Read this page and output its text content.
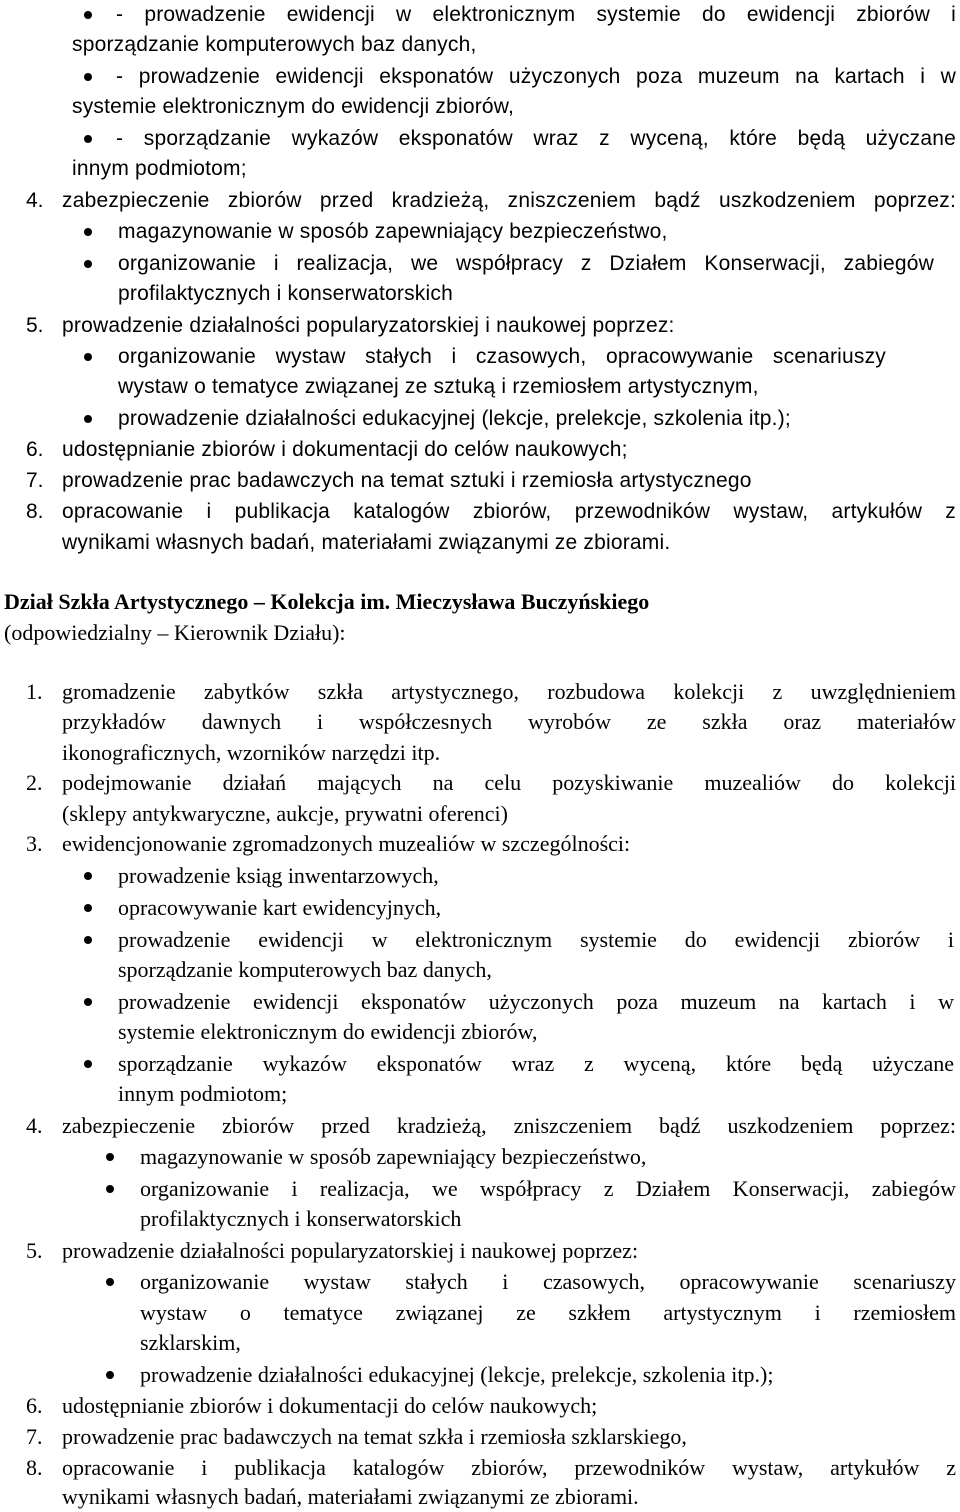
- prowadzenie ewidencji w elektronicznym systemie do ewidencji zbiorów i
sporządzanie komputerowych baz danych,
- prowadzenie ewidencji eksponatów użyczonych poza muzeum na kartach i w
systemie elektronicznym do ewidencji zbiorów,
- sporządzanie wykazów eksponatów wraz z wyceną, które będą użyczane
innym podmiotom;
4. zabezpieczenie zbiorów przed kradzieżą, zniszczeniem bądź uszkodzeniem poprzez:
magazynowanie w sposób zapewniający bezpieczeństwo,
organizowanie i realizacja, we współpracy z Działem Konserwacji, zabiegów
profilaktycznych i konserwatorskich
5. prowadzenie działalności popularyzatorskiej i naukowej poprzez:
organizowanie wystaw stałych i czasowych, opracowywanie scenariuszy
wystaw o tematyce związanej ze sztuką i rzemiosłem artystycznym,
prowadzenie działalności edukacyjnej (lekcje, prelekcje, szkolenia itp.);
6. udostępnianie zbiorów i dokumentacji do celów naukowych;
7. prowadzenie prac badawczych na temat sztuki i rzemiosła artystycznego
8. opracowanie i publikacja katalogów zbiorów, przewodników wystaw, artykułów z
wynikami własnych badań, materiałami związanymi ze zbiorami.
Dział Szkła Artystycznego – Kolekcja im. Mieczysława Buczyńskiego
(odpowiedzialny – Kierownik Działu):
1. gromadzenie zabytków szkła artystycznego, rozbudowa kolekcji z uwzględnieniem
przykładów dawnych i współczesnych wyrobów ze szkła oraz materiałów
ikonograficznych, wzorników narzędzi itp.
2. podejmowanie działań mających na celu pozyskiwanie muzealiów do kolekcji
(sklepy antykwaryczne, aukcje, prywatni oferenci)
3. ewidencjonowanie zgromadzonych muzealiów w szczególności:
prowadzenie ksiąg inwentarzowych,
opracowywanie kart ewidencyjnych,
prowadzenie ewidencji w elektronicznym systemie do ewidencji zbiorów i
sporządzanie komputerowych baz danych,
prowadzenie ewidencji eksponatów użyczonych poza muzeum na kartach i w
systemie elektronicznym do ewidencji zbiorów,
sporządzanie wykazów eksponatów wraz z wyceną, które będą użyczane
innym podmiotom;
4. zabezpieczenie zbiorów przed kradzieżą, zniszczeniem bądź uszkodzeniem poprzez:
magazynowanie w sposób zapewniający bezpieczeństwo,
organizowanie i realizacja, we współpracy z Działem Konserwacji, zabiegów
profilaktycznych i konserwatorskich
5. prowadzenie działalności popularyzatorskiej i naukowej poprzez:
organizowanie wystaw stałych i czasowych, opracowywanie scenariuszy
wystaw o tematyce związanej ze szkłem artystycznym i rzemiosłem
szklarskim,
prowadzenie działalności edukacyjnej (lekcje, prelekcje, szkolenia itp.);
6. udostępnianie zbiorów i dokumentacji do celów naukowych;
7. prowadzenie prac badawczych na temat szkła i rzemiosła szklarskiego,
8. opracowanie i publikacja katalogów zbiorów, przewodników wystaw, artykułów z
wynikami własnych badań, materiałami związanymi ze zbiorami.
